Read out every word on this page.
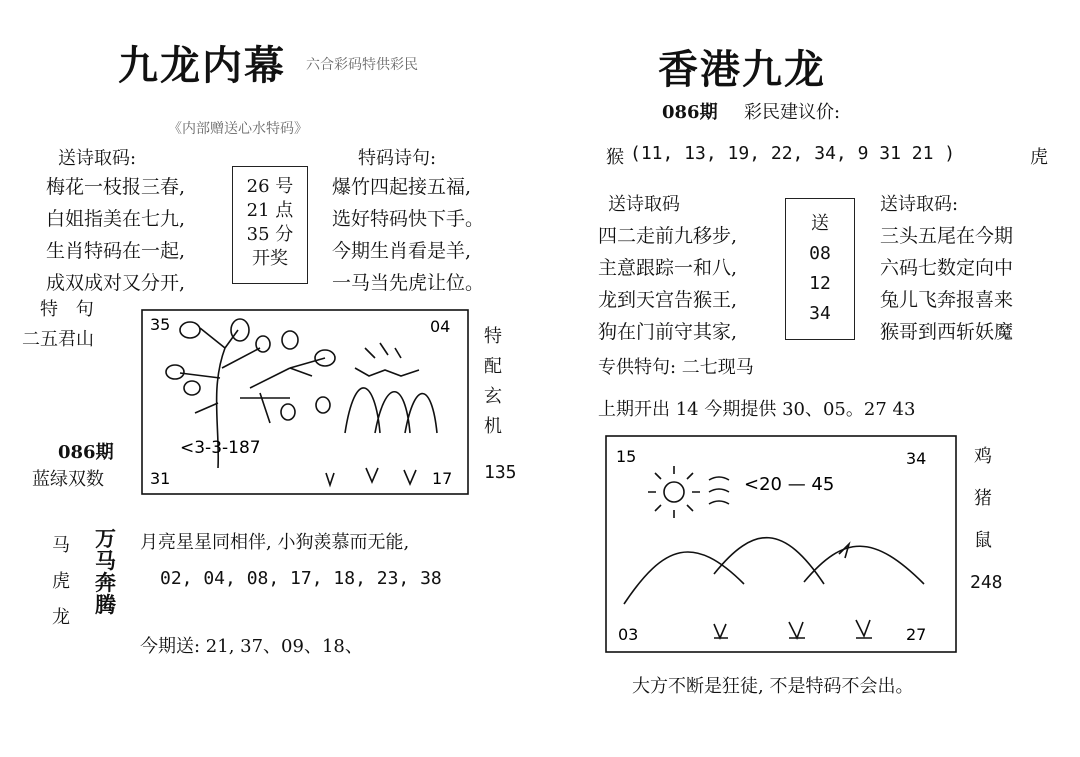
九龙内幕 六合彩码特供彩民
《内部赠送心水特码》
送诗取码:
梅花一枝报三春,
白姐指美在七九,
生肖特码在一起,
成双成对又分开,
26 号
21 点
35 分
开奖
特码诗句:
爆竹四起接五福,
选好特码快下手。
今期生肖看是羊,
一马当先虎让位。
特 句
二五君山
086期
蓝绿双数
35	04
31	17
<3-3-187
特
配
玄
机
135
马
虎
龙
万马奔腾
月亮星星同相伴, 小狗羡慕而无能,
02, 04, 08, 17, 18, 23, 38
今期送: 21, 37、09、18、
香港九龙
086期 彩民建议价:
猴 (11, 13, 19, 22, 34, 9 31 21 )	虎
送诗取码
四二走前九移步,
主意跟踪一和八,
龙到天宫告猴王,
狗在门前守其家,
送
08
12
34
送诗取码:
三头五尾在今期
六码七数定向中
兔儿飞奔报喜来
猴哥到西斩妖魔
专供特句: 二七现马
上期开出 14 今期提供 30、05。27 43
15	34
03	27
<20 — 45
鸡
猪
鼠
248
大方不断是狂徒, 不是特码不会出。
